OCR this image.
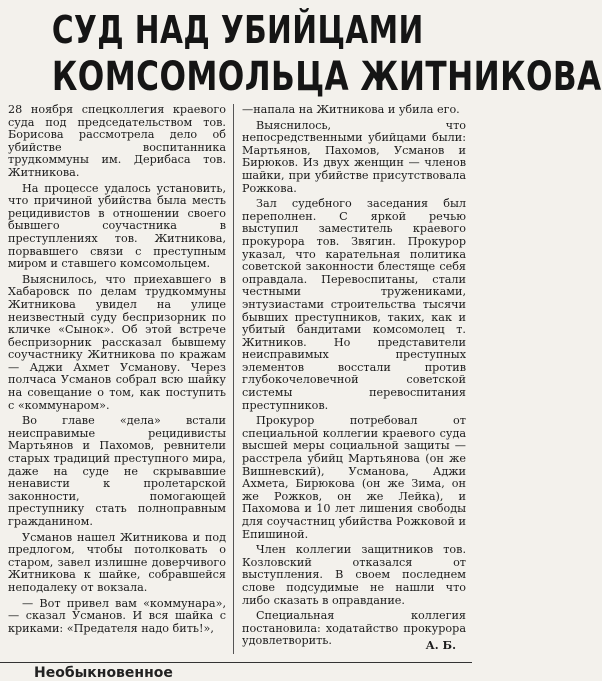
СУД НАД УБИЙЦАМИ
КОМСОМОЛЬЦА ЖИТНИКОВА

28 ноября спецколлегия краевого суда под председательством тов. Борисова рассмотрела дело об убийстве воспитанника трудкоммуны им. Дерибаса тов. Житникова.

На процессе удалось установить, что причиной убийства была месть рецидивистов в отношении своего бывшего соучастника в преступлениях тов. Житникова, порвавшего связи с преступным миром и ставшего комсомольцем.

Выяснилось, что приехавшего в Хабаровск по делам трудкоммуны Житникова увидел на улице неизвестный суду беспризорник по кличке «Сынок». Об этой встрече беспризорник рассказал бывшему соучастнику Житникова по кражам — Аджи Ахмет Усманову. Через полчаса Усманов собрал всю шайку на совещание о том, как поступить с «коммунаром».

Во главе «дела» встали неисправимые рецидивисты Мартьянов и Пахомов, ревнители старых традиций преступного мира, даже на суде не скрывавшие ненависти к пролетарской законности, помогающей преступнику стать полноправным гражданином.

Усманов нашел Житникова и под предлогом, чтобы потолковать о старом, завел излишне доверчивого Житникова к шайке, собравшейся неподалеку от вокзала.

— Вот привел вам «коммунара», — сказал Усманов. И вся шайка с криками: «Предателя надо бить!»,

—напала на Житникова и убила его.

Выяснилось, что непосредственными убийцами были: Мартьянов, Пахомов, Усманов и Бирюков. Из двух женщин — членов шайки, при убийстве присутствовала Рожкова.

Зал судебного заседания был переполнен. С яркой речью выступил заместитель краевого прокурора тов. Звягин. Прокурор указал, что карательная политика советской законности блестяще себя оправдала. Перевоспитаны, стали честными тружениками, энтузиастами строительства тысячи бывших преступников, таких, как и убитый бандитами комсомолец т. Житников. Но представители неисправимых преступных элементов восстали против глубокочеловечной советской системы перевоспитания преступников.

Прокурор потребовал от специальной коллегии краевого суда высшей меры социальной защиты — расстрела убийц Мартьянова (он же Вишневский), Усманова, Аджи Ахмета, Бирюкова (он же Зима, он же Рожков, он же Лейка), и Пахомова и 10 лет лишения свободы для соучастниц убийства Рожковой и Епишиной.

Член коллегии защитников тов. Козловский отказался от выступления. В своем последнем слове подсудимые не нашли что либо сказать в оправдание.

Специальная коллегия постановила: ходатайство прокурора удовлетворить.	А. Б.
Необыкновенное
